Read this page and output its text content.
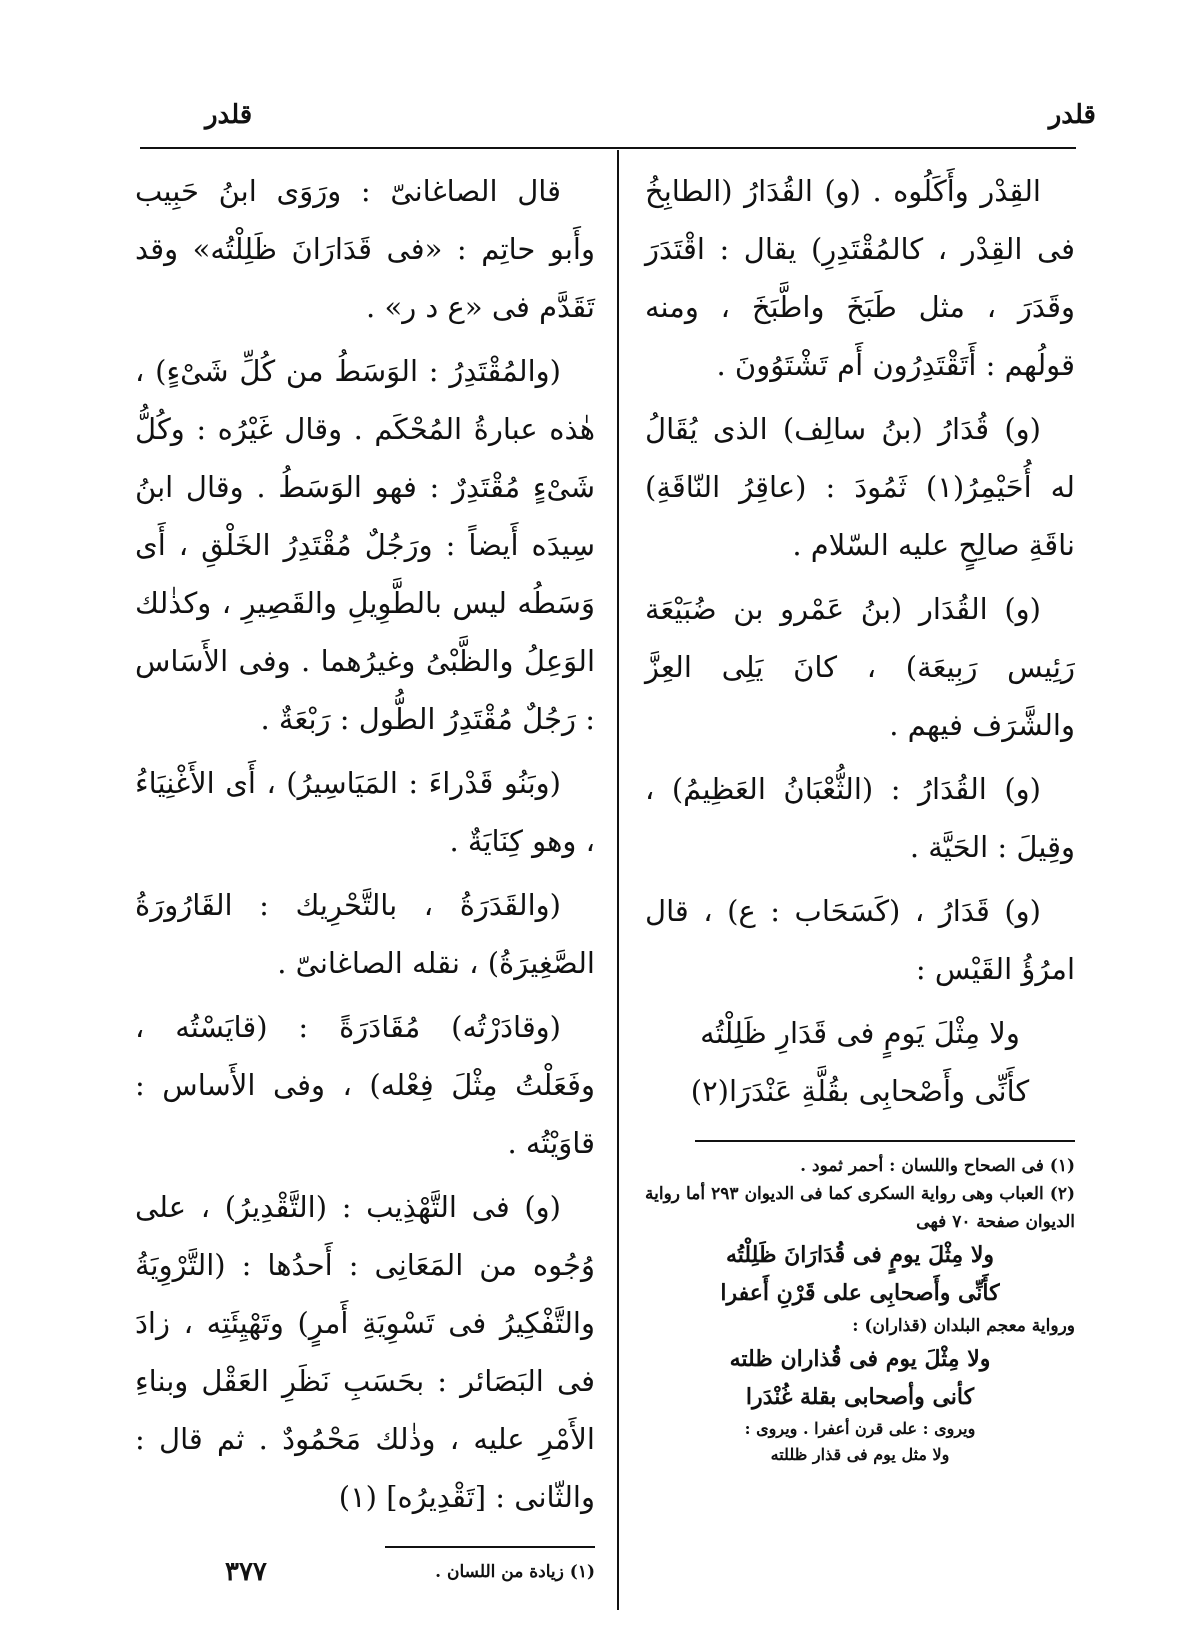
قلدر
قلدر

القِدْر وأَكَلُوه . (و) القُدَارُ (الطابِخُ فى القِدْر ، كالمُقْتَدِرِ) يقال : اقْتَدَرَ وقَدَرَ ، مثل طَبَخَ واطَّبَخَ ، ومنه قولُهم : أَتَقْتَدِرُون أَم تَشْتَوُونَ .

(و) قُدَارُ (بنُ سالِف) الذى يُقَالُ له أُحَيْمِرُ(١) ثَمُودَ : (عاقِرُ النّاقَةِ) ناقَةِ صالِحٍ عليه السّلام .

(و) القُدَار (بنُ عَمْرو بن ضُبَيْعَة رَئِيس رَبِيعَة) ، كانَ يَلِى العِزَّ والشَّرَف فيهم .

(و) القُدَارُ : (الثُّعْبَانُ العَظِيمُ) ، وقِيلَ : الحَيَّة .

(و) قَدَارُ ، (كَسَحَاب : ع) ، قال امرُؤُ القَيْس :

ولا مِثْلَ يَومٍ فى قَدَارِ ظَلِلْتُه

كأَنِّى وأَصْحابِى بقُلَّةِ عَنْدَرَا(٢)

(١) فى الصحاح واللسان : أحمر ثمود .

(٢) العباب وهى رواية السكرى كما فى الديوان ٢٩٣ أما رواية الديوان صفحة ٧٠ فهى

ولا مِثْلَ يومٍ فى قُدَارَانَ ظَلِلْتُه

كأَنِّى وأَصحابِى على قَرْنِ أَعفرا

ورواية معجم البلدان (قذاران) :

ولا مِثْلَ يوم فى قُذاران ظلته

كأنى وأصحابى بقلة غُنْدَرا

ويروى : على قرن أعفرا . ويروى :

ولا مثل يوم فى قذار ظللته

قال الصاغانىّ : ورَوَى ابنُ حَبِيب وأَبو حاتِم : «فى قَدَارَانَ ظَلِلْتُه» وقد تَقَدَّم فى «ع د ر» .

(والمُقْتَدِرُ : الوَسَطُ من كُلِّ شَىْءٍ) ، هٰذه عبارةُ المُحْكَم . وقال غَيْرُه : وكُلُّ شَىْءٍ مُقْتَدِرٌ : فهو الوَسَطُ . وقال ابنُ سِيدَه أَيضاً : ورَجُلٌ مُقْتَدِرُ الخَلْقِ ، أَى وَسَطُه ليس بالطَّوِيلِ والقَصِيرِ ، وكذٰلك الوَعِلُ والظَّبْىُ وغيرُهما . وفى الأَسَاس : رَجُلٌ مُقْتَدِرُ الطُّول : رَبْعَةٌ .

(وبَنُو قَدْراءَ : المَيَاسِيرُ) ، أَى الأَغْنِيَاءُ ، وهو كِنَايَةٌ .

(والقَدَرَةُ ، بالتَّحْرِيك : القَارُورَةُ الصَّغِيرَةُ) ، نقله الصاغانىّ .

(وقادَرْتُه) مُقَادَرَةً : (قايَسْتُه ، وفَعَلْتُ مِثْلَ فِعْله) ، وفى الأَساس : قاوَيْتُه .

(و) فى التَّهْذِيب : (التَّقْدِيرُ) ، على وُجُوه من المَعَانِى : أَحدُها : (التَّرْوِيَةُ والتَّفْكِيرُ فى تَسْوِيَةِ أَمرٍ) وتَهْيِئَتِه ، زادَ فى البَصَائر : بحَسَبِ نَظَرِ العَقْل وبناءِ الأَمْرِ عليه ، وذٰلك مَحْمُودٌ . ثم قال : والثّانى : [تَقْدِيرُه] (١)

(١) زيادة من اللسان .

٣٧٧
